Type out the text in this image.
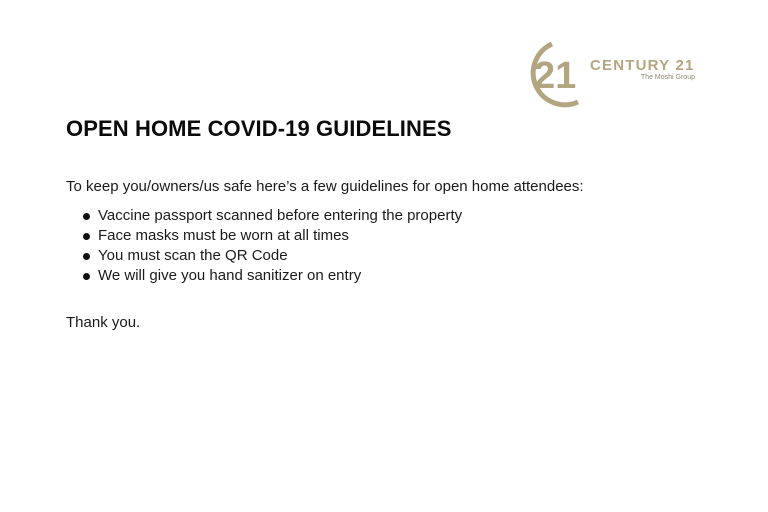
21 CENTURY 21
The Moshi Group
OPEN HOME COVID-19 GUIDELINES

To keep you/owners/us safe here’s a few guidelines for open home attendees:

Vaccine passport scanned before entering the property
Face masks must be worn at all times
You must scan the QR Code
We will give you hand sanitizer on entry

Thank you.
